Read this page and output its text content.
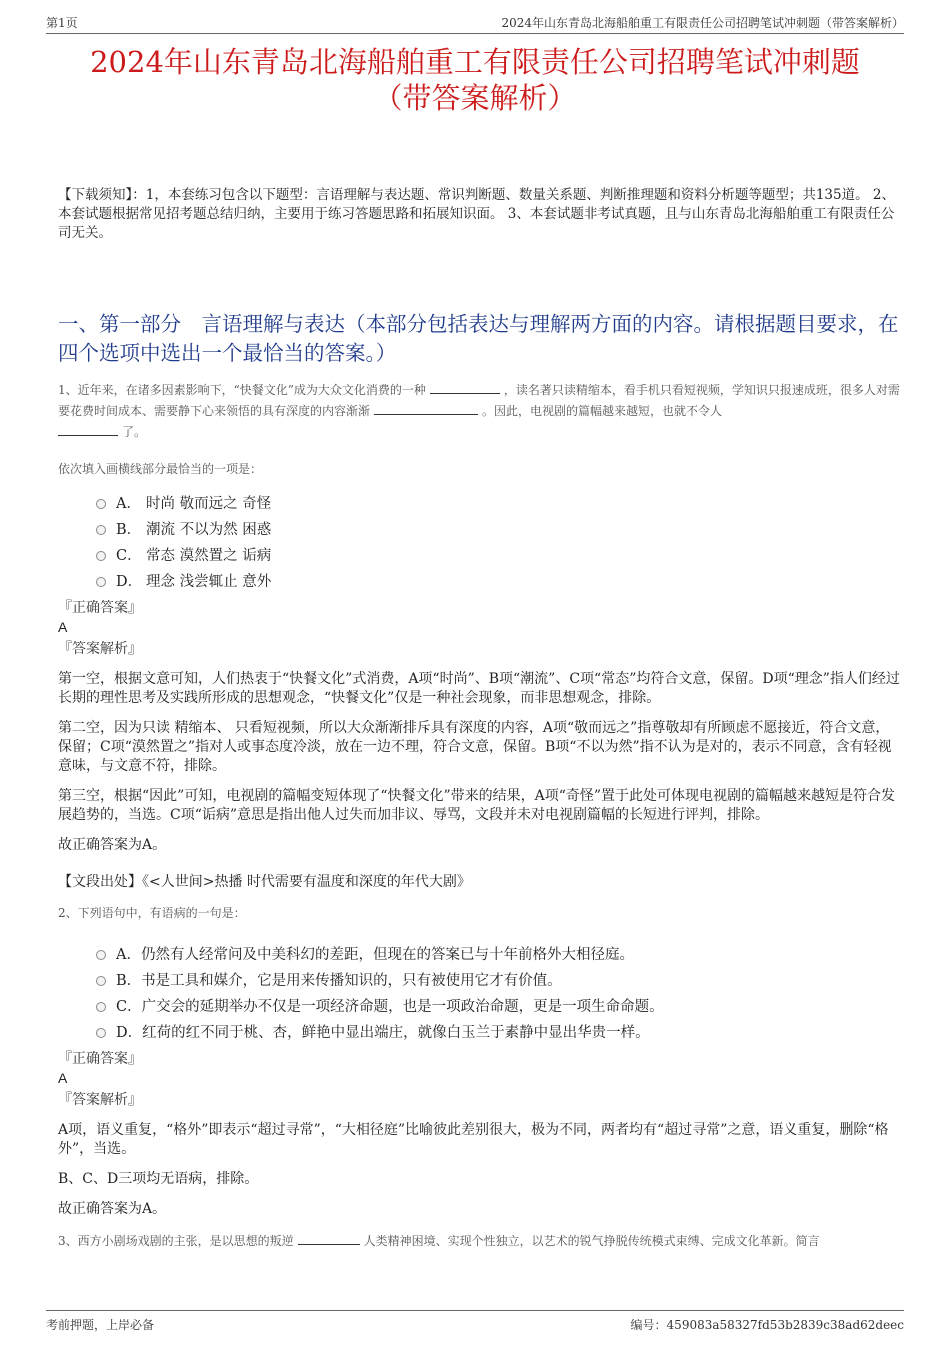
第1页	2024年山东青岛北海船舶重工有限责任公司招聘笔试冲刺题（带答案解析）
2024年山东青岛北海船舶重工有限责任公司招聘笔试冲刺题
（带答案解析）
【下载须知】：1，本套练习包含以下题型：言语理解与表达题、常识判断题、数量关系题、判断推理题和资料分析题等题型；共135道。 2、本套试题根据常见招考题总结归纳，主要用于练习答题思路和拓展知识面。 3、本套试题非考试真题，且与山东青岛北海船舶重工有限责任公司无关。
一、第一部分　言语理解与表达（本部分包括表达与理解两方面的内容。请根据题目要求，在四个选项中选出一个最恰当的答案。）

1、近年来，在诸多因素影响下，“快餐文化”成为大众文化消费的一种	，读名著只读精缩本，看手机只看短视频，学知识只报速成班，很多人对需要花费时间成本、需要静下心来领悟的具有深度的内容渐渐	。因此，电视剧的篇幅越来越短，也就不令人
了。

依次填入画横线部分最恰当的一项是：

A． 时尚 敬而远之 奇怪
B． 潮流 不以为然 困惑
C． 常态 漠然置之 诟病
D． 理念 浅尝辄止 意外

『正确答案』

A

『答案解析』

第一空，根据文意可知，人们热衷于“快餐文化”式消费，A项“时尚”、B项“潮流”、C项“常态”均符合文意，保留。D项“理念”指人们经过长期的理性思考及实践所形成的思想观念，“快餐文化”仅是一种社会现象，而非思想观念，排除。

第二空，因为只读 精缩本、 只看短视频，所以大众渐渐排斥具有深度的内容，A项“敬而远之”指尊敬却有所顾虑不愿接近，符合文意，保留；C项“漠然置之”指对人或事态度冷淡，放在一边不理，符合文意，保留。B项“不以为然”指不认为是对的，表示不同意，含有轻视意味，与文意不符，排除。

第三空，根据“因此”可知，电视剧的篇幅变短体现了“快餐文化”带来的结果，A项“奇怪”置于此处可体现电视剧的篇幅越来越短是符合发展趋势的，当选。C项“诟病”意思是指出他人过失而加非议、辱骂，文段并未对电视剧篇幅的长短进行评判，排除。

故正确答案为A。

【文段出处】《<人世间>热播 时代需要有温度和深度的年代大剧》

2、下列语句中，有语病的一句是：

A．仍然有人经常问及中美科幻的差距，但现在的答案已与十年前格外大相径庭。
B．书是工具和媒介，它是用来传播知识的，只有被使用它才有价值。
C．广交会的延期举办不仅是一项经济命题，也是一项政治命题，更是一项生命命题。
D．红荷的红不同于桃、杏，鲜艳中显出端庄，就像白玉兰于素静中显出华贵一样。

『正确答案』

A

『答案解析』

A项，语义重复，“格外”即表示“超过寻常”，“大相径庭”比喻彼此差别很大，极为不同，两者均有“超过寻常”之意，语义重复，删除“格外”，当选。

B、C、D三项均无语病，排除。

故正确答案为A。

3、西方小剧场戏剧的主张，是以思想的叛逆	人类精神困境、实现个性独立，以艺术的锐气挣脱传统模式束缚、完成文化革新。简言

考前押题，上岸必备	编号：459083a58327fd53b2839c38ad62deec
